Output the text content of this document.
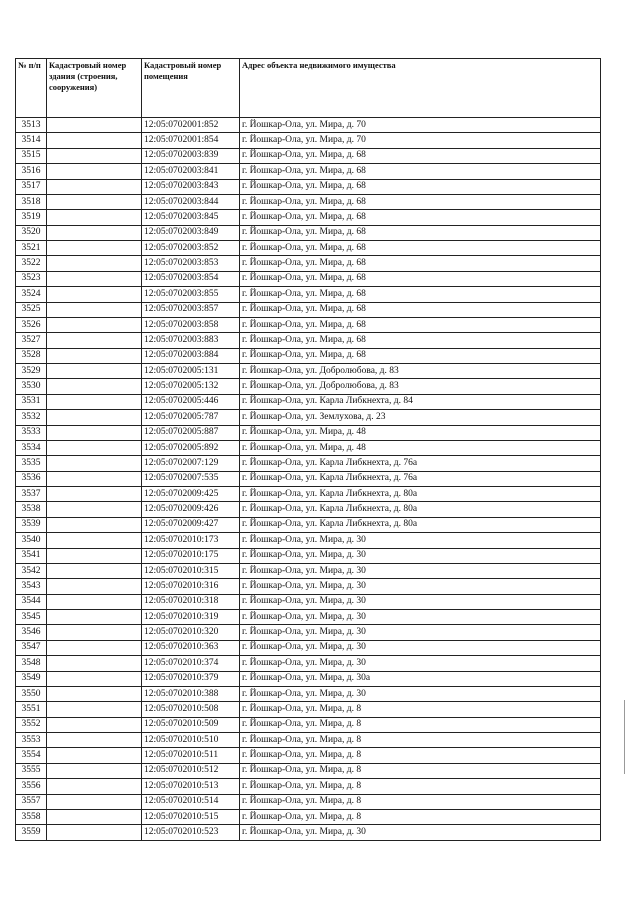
№ п/п	Кадастровый номер здания (строения, сооружения)	Кадастровый номер помещения	Адрес объекта недвижимого имущества
3513		12:05:0702001:852	г. Йошкар-Ола, ул. Мира, д. 70
3514		12:05:0702001:854	г. Йошкар-Ола, ул. Мира, д. 70
3515		12:05:0702003:839	г. Йошкар-Ола, ул. Мира, д. 68
3516		12:05:0702003:841	г. Йошкар-Ола, ул. Мира, д. 68
3517		12:05:0702003:843	г. Йошкар-Ола, ул. Мира, д. 68
3518		12:05:0702003:844	г. Йошкар-Ола, ул. Мира, д. 68
3519		12:05:0702003:845	г. Йошкар-Ола, ул. Мира, д. 68
3520		12:05:0702003:849	г. Йошкар-Ола, ул. Мира, д. 68
3521		12:05:0702003:852	г. Йошкар-Ола, ул. Мира, д. 68
3522		12:05:0702003:853	г. Йошкар-Ола, ул. Мира, д. 68
3523		12:05:0702003:854	г. Йошкар-Ола, ул. Мира, д. 68
3524		12:05:0702003:855	г. Йошкар-Ола, ул. Мира, д. 68
3525		12:05:0702003:857	г. Йошкар-Ола, ул. Мира, д. 68
3526		12:05:0702003:858	г. Йошкар-Ола, ул. Мира, д. 68
3527		12:05:0702003:883	г. Йошкар-Ола, ул. Мира, д. 68
3528		12:05:0702003:884	г. Йошкар-Ола, ул. Мира, д. 68
3529		12:05:0702005:131	г. Йошкар-Ола, ул. Добролюбова, д. 83
3530		12:05:0702005:132	г. Йошкар-Ола, ул. Добролюбова, д. 83
3531		12:05:0702005:446	г. Йошкар-Ола, ул. Карла Либкнехта, д. 84
3532		12:05:0702005:787	г. Йошкар-Ола, ул. Землухова, д. 23
3533		12:05:0702005:887	г. Йошкар-Ола, ул. Мира, д. 48
3534		12:05:0702005:892	г. Йошкар-Ола, ул. Мира, д. 48
3535		12:05:0702007:129	г. Йошкар-Ола, ул. Карла Либкнехта, д. 76а
3536		12:05:0702007:535	г. Йошкар-Ола, ул. Карла Либкнехта, д. 76а
3537		12:05:0702009:425	г. Йошкар-Ола, ул. Карла Либкнехта, д. 80а
3538		12:05:0702009:426	г. Йошкар-Ола, ул. Карла Либкнехта, д. 80а
3539		12:05:0702009:427	г. Йошкар-Ола, ул. Карла Либкнехта, д. 80а
3540		12:05:0702010:173	г. Йошкар-Ола, ул. Мира, д. 30
3541		12:05:0702010:175	г. Йошкар-Ола, ул. Мира, д. 30
3542		12:05:0702010:315	г. Йошкар-Ола, ул. Мира, д. 30
3543		12:05:0702010:316	г. Йошкар-Ола, ул. Мира, д. 30
3544		12:05:0702010:318	г. Йошкар-Ола, ул. Мира, д. 30
3545		12:05:0702010:319	г. Йошкар-Ола, ул. Мира, д. 30
3546		12:05:0702010:320	г. Йошкар-Ола, ул. Мира, д. 30
3547		12:05:0702010:363	г. Йошкар-Ола, ул. Мира, д. 30
3548		12:05:0702010:374	г. Йошкар-Ола, ул. Мира, д. 30
3549		12:05:0702010:379	г. Йошкар-Ола, ул. Мира, д. 30а
3550		12:05:0702010:388	г. Йошкар-Ола, ул. Мира, д. 30
3551		12:05:0702010:508	г. Йошкар-Ола, ул. Мира, д. 8
3552		12:05:0702010:509	г. Йошкар-Ола, ул. Мира, д. 8
3553		12:05:0702010:510	г. Йошкар-Ола, ул. Мира, д. 8
3554		12:05:0702010:511	г. Йошкар-Ола, ул. Мира, д. 8
3555		12:05:0702010:512	г. Йошкар-Ола, ул. Мира, д. 8
3556		12:05:0702010:513	г. Йошкар-Ола, ул. Мира, д. 8
3557		12:05:0702010:514	г. Йошкар-Ола, ул. Мира, д. 8
3558		12:05:0702010:515	г. Йошкар-Ола, ул. Мира, д. 8
3559		12:05:0702010:523	г. Йошкар-Ола, ул. Мира, д. 30
